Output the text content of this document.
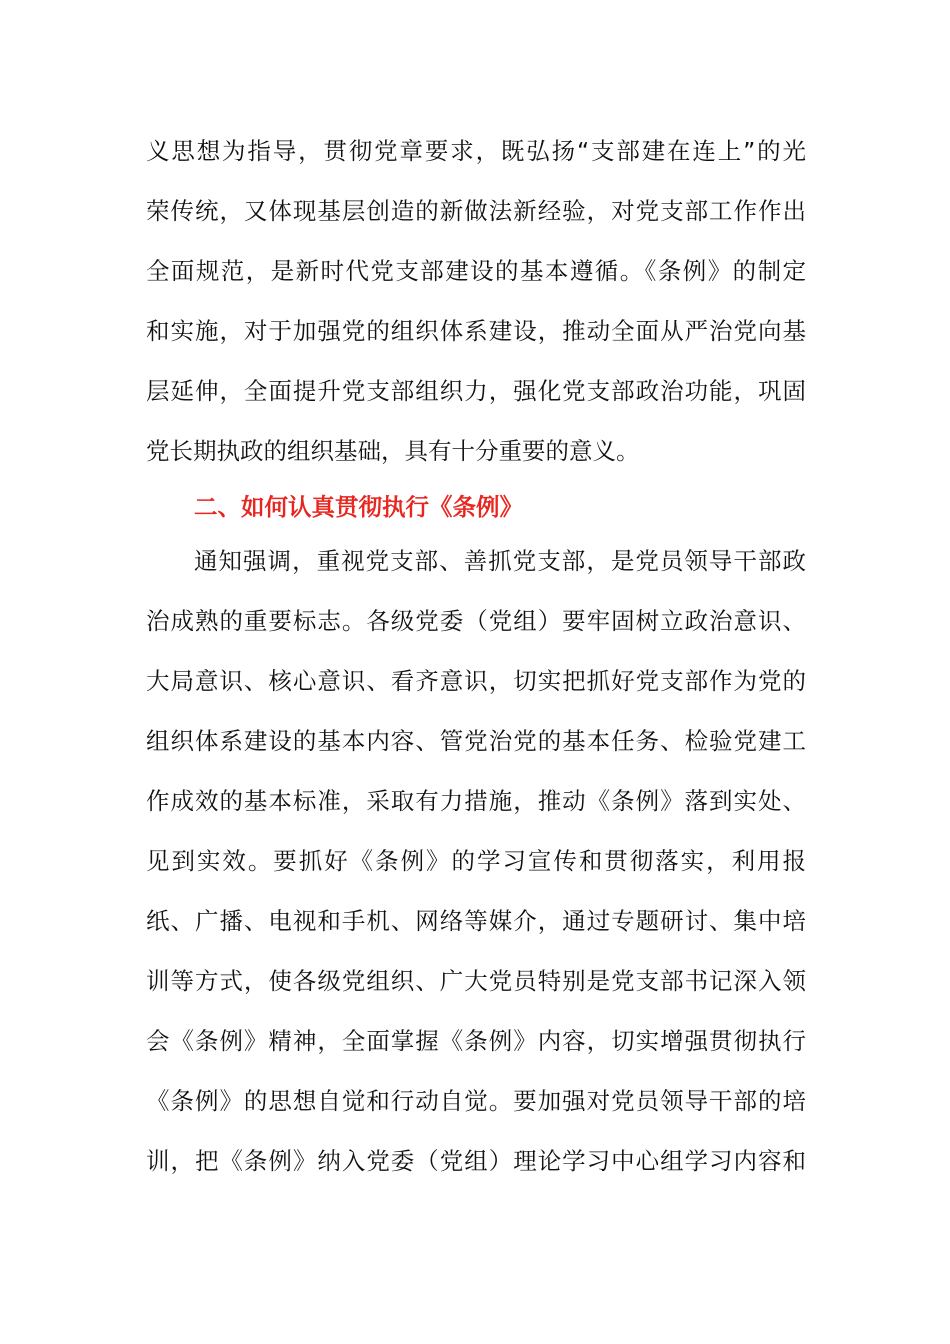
义思想为指导，贯彻党章要求，既弘扬“支部建在连上”的光
荣传统，又体现基层创造的新做法新经验，对党支部工作作出
全面规范，是新时代党支部建设的基本遵循。《条例》的制定
和实施，对于加强党的组织体系建设，推动全面从严治党向基
层延伸，全面提升党支部组织力，强化党支部政治功能，巩固
党长期执政的组织基础，具有十分重要的意义。
二、如何认真贯彻执行《条例》
通知强调，重视党支部、善抓党支部，是党员领导干部政
治成熟的重要标志。各级党委（党组）要牢固树立政治意识、
大局意识、核心意识、看齐意识，切实把抓好党支部作为党的
组织体系建设的基本内容、管党治党的基本任务、检验党建工
作成效的基本标准，采取有力措施，推动《条例》落到实处、
见到实效。要抓好《条例》的学习宣传和贯彻落实，利用报
纸、广播、电视和手机、网络等媒介，通过专题研讨、集中培
训等方式，使各级党组织、广大党员特别是党支部书记深入领
会《条例》精神，全面掌握《条例》内容，切实增强贯彻执行
《条例》的思想自觉和行动自觉。要加强对党员领导干部的培
训，把《条例》纳入党委（党组）理论学习中心组学习内容和
